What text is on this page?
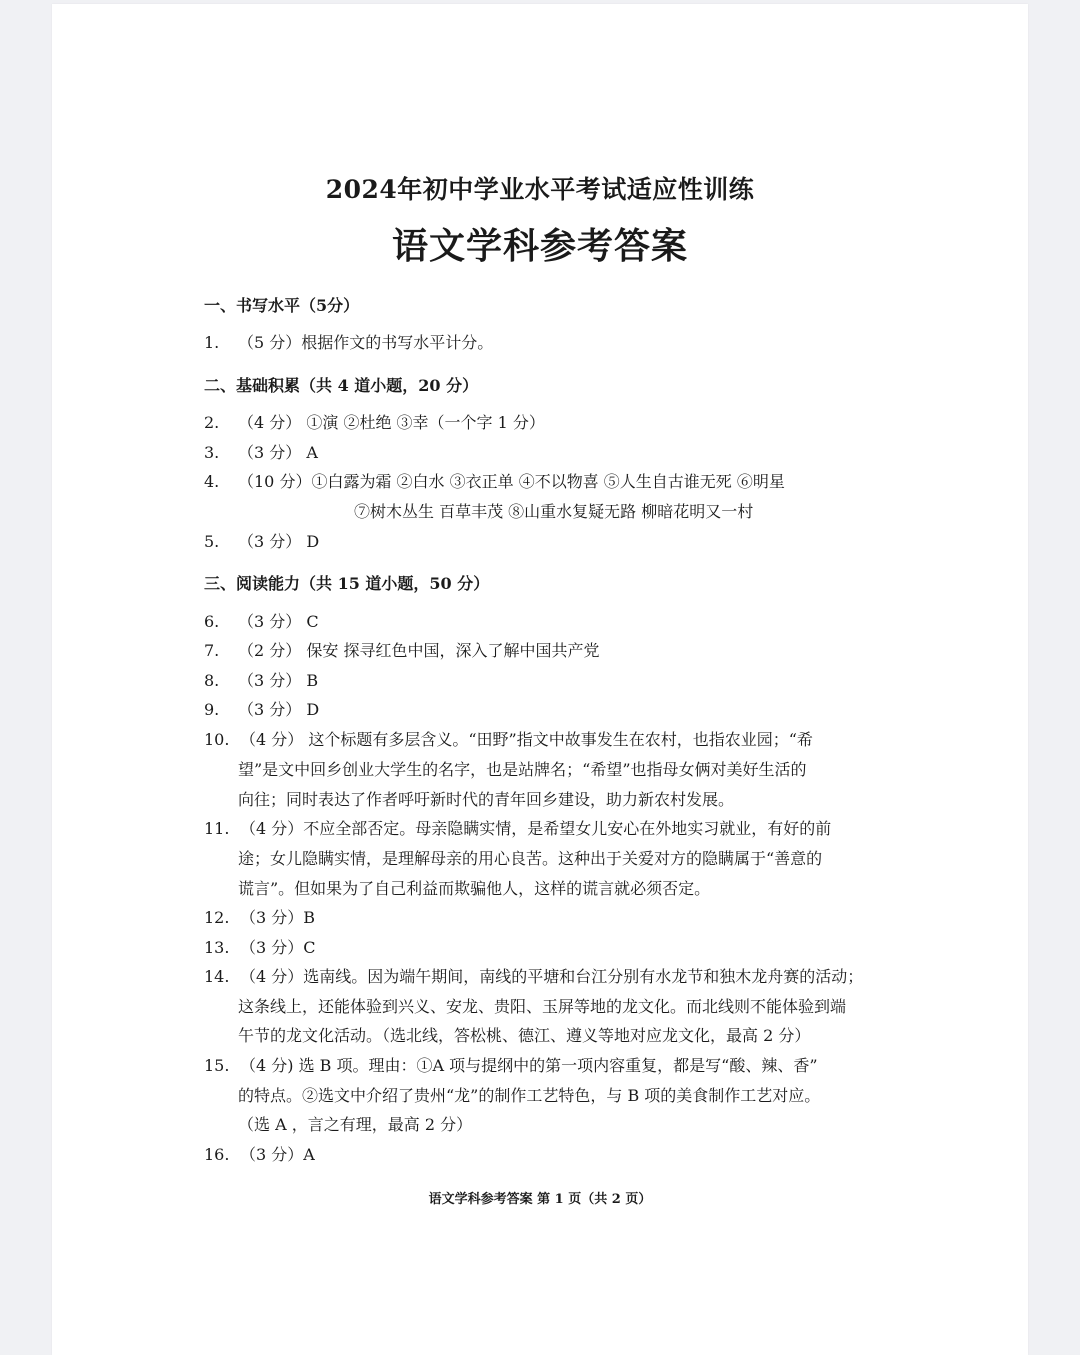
2024年初中学业水平考试适应性训练
语文学科参考答案
一、书写水平（5分）
1. （5 分）根据作文的书写水平计分。
二、基础积累（共 4 道小题，20 分）
2. （4 分） ①演 ②杜绝 ③幸（一个字 1 分）
3. （3 分） A
4. （10 分）①白露为霜 ②白水 ③衣正单 ④不以物喜 ⑤人生自古谁无死 ⑥明星
⑦树木丛生 百草丰茂 ⑧山重水复疑无路 柳暗花明又一村
5. （3 分） D
三、阅读能力（共 15 道小题，50 分）
6. （3 分） C
7. （2 分） 保安 探寻红色中国，深入了解中国共产党
8. （3 分） B
9. （3 分） D
10. （4 分） 这个标题有多层含义。“田野”指文中故事发生在农村，也指农业园；“希
望”是文中回乡创业大学生的名字，也是站牌名；“希望”也指母女俩对美好生活的
向往；同时表达了作者呼吁新时代的青年回乡建设，助力新农村发展。
11. （4 分）不应全部否定。母亲隐瞒实情，是希望女儿安心在外地实习就业，有好的前
途；女儿隐瞒实情，是理解母亲的用心良苦。这种出于关爱对方的隐瞒属于“善意的
谎言”。但如果为了自己利益而欺骗他人，这样的谎言就必须否定。
12. （3 分）B
13. （3 分）C
14. （4 分）选南线。因为端午期间，南线的平塘和台江分别有水龙节和独木龙舟赛的活动；
这条线上，还能体验到兴义、安龙、贵阳、玉屏等地的龙文化。而北线则不能体验到端
午节的龙文化活动。（选北线，答松桃、德江、遵义等地对应龙文化，最高 2 分）
15. （4 分) 选 B 项。理由：①A 项与提纲中的第一项内容重复，都是写“酸、辣、香”
的特点。②选文中介绍了贵州“龙”的制作工艺特色，与 B 项的美食制作工艺对应。
（选 A ，言之有理，最高 2 分）
16. （3 分）A
语文学科参考答案 第 1 页（共 2 页）
